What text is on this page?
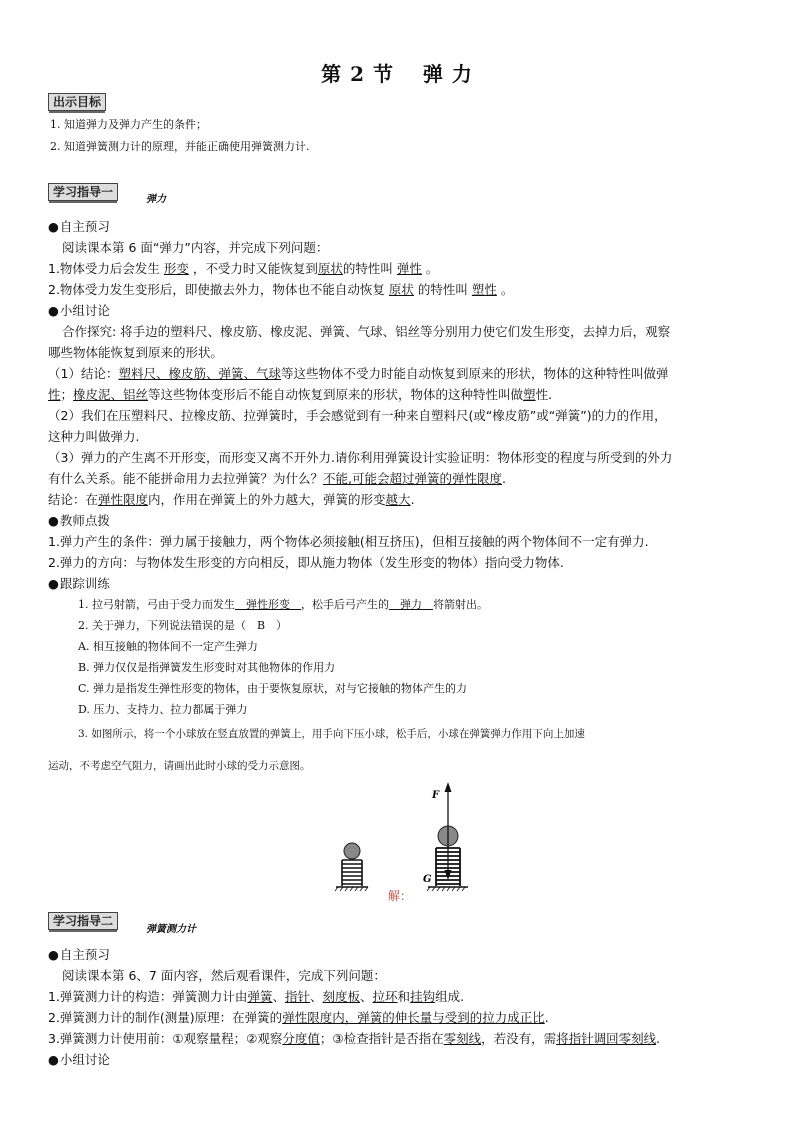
第 2 节　 弹 力
出示目标
1. 知道弹力及弹力产生的条件；
2. 知道弹簧测力计的原理，并能正确使用弹簧测力计.
学习指导一
弹力
● 自主预习
阅读课本第 6 面“弹力”内容，并完成下列问题：
1.物体受力后会发生 形变 ，不受力时又能恢复到原状的特性叫 弹性 。
2.物体受力发生变形后，即使撤去外力，物体也不能自动恢复 原状 的特性叫 塑性 。
● 小组讨论
合作探究: 将手边的塑料尺、橡皮筋、橡皮泥、弹簧、气球、铝丝等分别用力使它们发生形变，去掉力后，观察
哪些物体能恢复到原来的形状。
（1）结论：塑料尺、橡皮筋、弹簧、气球等这些物体不受力时能自动恢复到原来的形状，物体的这种特性叫做弹
性；橡皮泥、铝丝等这些物体变形后不能自动恢复到原来的形状，物体的这种特性叫做塑性.
（2）我们在压塑料尺、拉橡皮筋、拉弹簧时，手会感觉到有一种来自塑料尺(或“橡皮筋”或“弹簧”)的力的作用，
这种力叫做弹力.
（3）弹力的产生离不开形变，而形变又离不开外力.请你利用弹簧设计实验证明：物体形变的程度与所受到的外力
有什么关系。能不能拼命用力去拉弹簧？为什么？不能,可能会超过弹簧的弹性限度.
结论：在弹性限度内，作用在弹簧上的外力越大，弹簧的形变越大.
● 教师点拨
1.弹力产生的条件：弹力属于接触力，两个物体必须接触(相互挤压)，但相互接触的两个物体间不一定有弹力.
2.弹力的方向：与物体发生形变的方向相反，即从施力物体（发生形变的物体）指向受力物体.
● 跟踪训练
1. 拉弓射箭，弓由于受力而发生　弹性形变　，松手后弓产生的　弹力　将箭射出。
2. 关于弹力，下列说法错误的是（　B　）
A. 相互接触的物体间不一定产生弹力
B. 弹力仅仅是指弹簧发生形变时对其他物体的作用力
C. 弹力是指发生弹性形变的物体，由于要恢复原状，对与它接触的物体产生的力
D. 压力、支持力、拉力都属于弹力
3. 如图所示，将一个小球放在竖直放置的弹簧上，用手向下压小球，松手后，小球在弹簧弹力作用下向上加速
运动，不考虑空气阻力，请画出此时小球的受力示意图。
F
G
解：
学习指导二
弹簧测力计
● 自主预习
阅读课本第 6、7 面内容，然后观看课件，完成下列问题：
1.弹簧测力计的构造：弹簧测力计由弹簧、指针、刻度板、拉环和挂钩组成.
2.弹簧测力计的制作(测量)原理：在弹簧的弹性限度内，弹簧的伸长量与受到的拉力成正比.
3.弹簧测力计使用前：①观察量程；②观察分度值；③检查指针是否指在零刻线，若没有，需将指针调回零刻线.
● 小组讨论
